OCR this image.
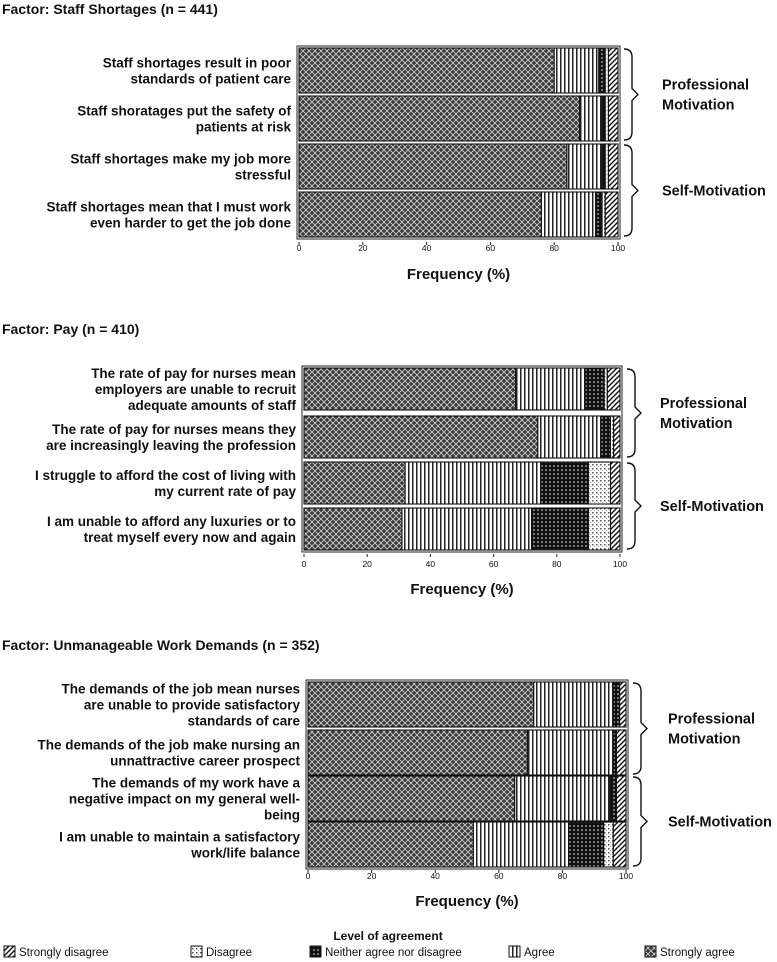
Factor: Staff Shortages (n = 441)
Staff shortages result in poor standards of patient care
Staff shoratages put the safety of patients at risk
Staff shortages make my job more stressful
Staff shortages mean that I must work even harder to get the job done
0	20	40	60	80	100
Frequency (%)
Professional Motivation
Self-Motivation
Factor: Pay (n = 410)
The rate of pay for nurses mean employers are unable to recruit adequate amounts of staff
The rate of pay for nurses means they are increasingly leaving the profession
I struggle to afford the cost of living with my current rate of pay
I am unable to afford any luxuries or to treat myself every now and again
0	20	40	60	80	100
Frequency (%)
Professional Motivation
Self-Motivation
Factor: Unmanageable Work Demands (n = 352)
The demands of the job mean nurses are unable to provide satisfactory standards of care
The demands of the job make nursing an unnattractive career prospect
The demands of my work have a negative impact on my general well-being
I am unable to maintain a satisfactory work/life balance
0	20	40	60	80	100
Frequency (%)
Professional Motivation
Self-Motivation
Level of agreement
Strongly disagree	Disagree	Neither agree nor disagree	Agree	Strongly agree
